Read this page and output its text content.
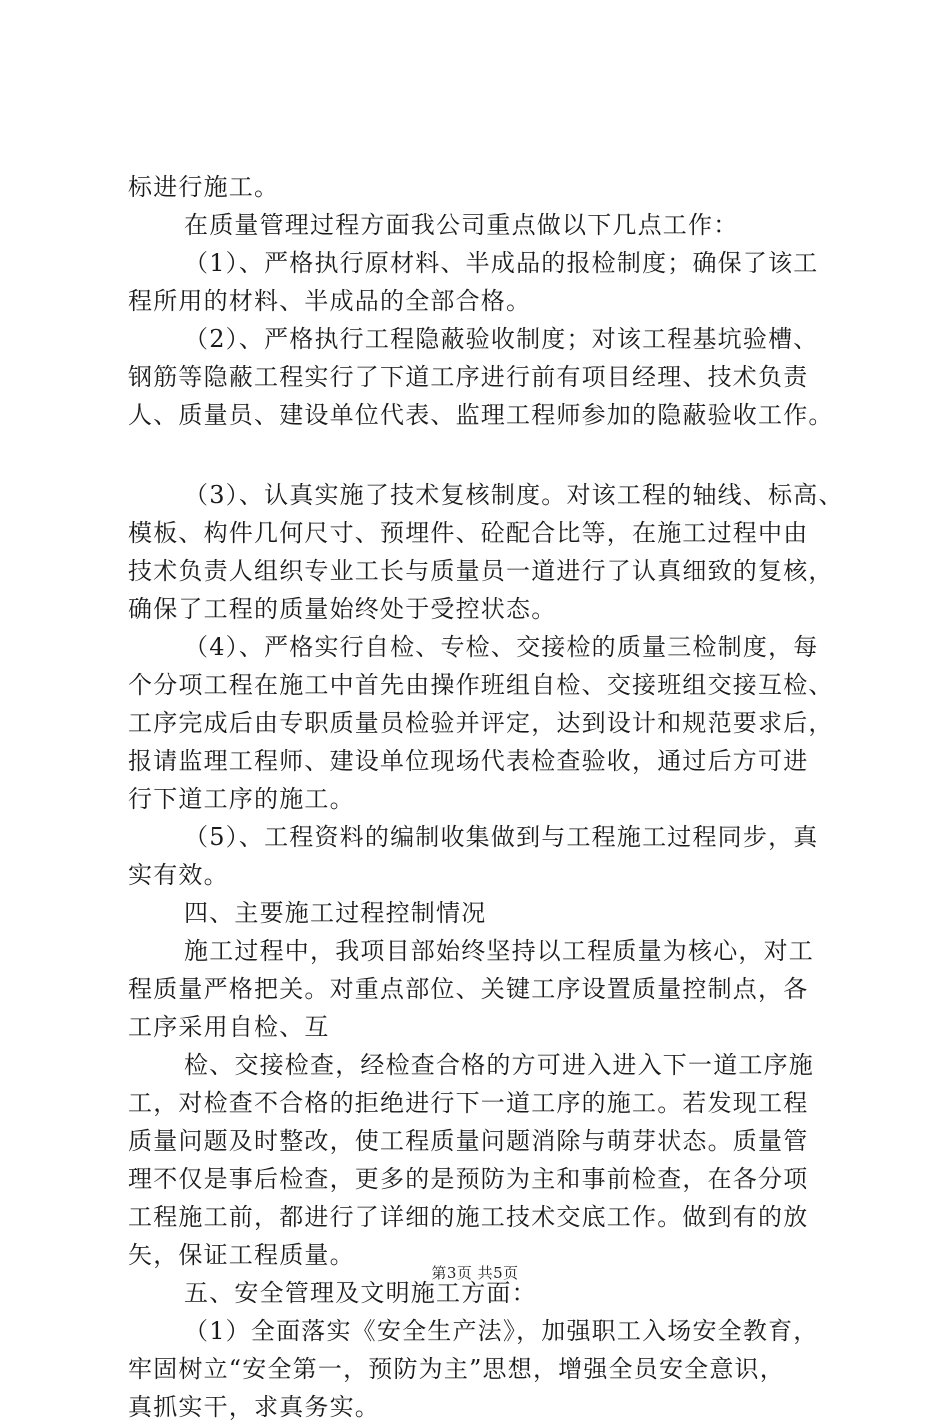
标进行施工。
在质量管理过程方面我公司重点做以下几点工作：
（1）、严格执行原材料、半成品的报检制度；确保了该工
程所用的材料、半成品的全部合格。
（2）、严格执行工程隐蔽验收制度；对该工程基坑验槽、
钢筋等隐蔽工程实行了下道工序进行前有项目经理、技术负责
人、质量员、建设单位代表、监理工程师参加的隐蔽验收工作。
（3）、认真实施了技术复核制度。对该工程的轴线、标高、
模板、构件几何尺寸、预埋件、砼配合比等，在施工过程中由
技术负责人组织专业工长与质量员一道进行了认真细致的复核，
确保了工程的质量始终处于受控状态。
（4）、严格实行自检、专检、交接检的质量三检制度，每
个分项工程在施工中首先由操作班组自检、交接班组交接互检、
工序完成后由专职质量员检验并评定，达到设计和规范要求后，
报请监理工程师、建设单位现场代表检查验收，通过后方可进
行下道工序的施工。
（5）、工程资料的编制收集做到与工程施工过程同步，真
实有效。
四、主要施工过程控制情况
施工过程中，我项目部始终坚持以工程质量为核心，对工
程质量严格把关。对重点部位、关键工序设置质量控制点，各
工序采用自检、互
检、交接检查，经检查合格的方可进入进入下一道工序施
工，对检查不合格的拒绝进行下一道工序的施工。若发现工程
质量问题及时整改，使工程质量问题消除与萌芽状态。质量管
理不仅是事后检查，更多的是预防为主和事前检查，在各分项
工程施工前，都进行了详细的施工技术交底工作。做到有的放
矢，保证工程质量。
五、安全管理及文明施工方面：
（1）全面落实《安全生产法》，加强职工入场安全教育，
牢固树立“安全第一，预防为主”思想，增强全员安全意识，
真抓实干，求真务实。
第3页 共5页
